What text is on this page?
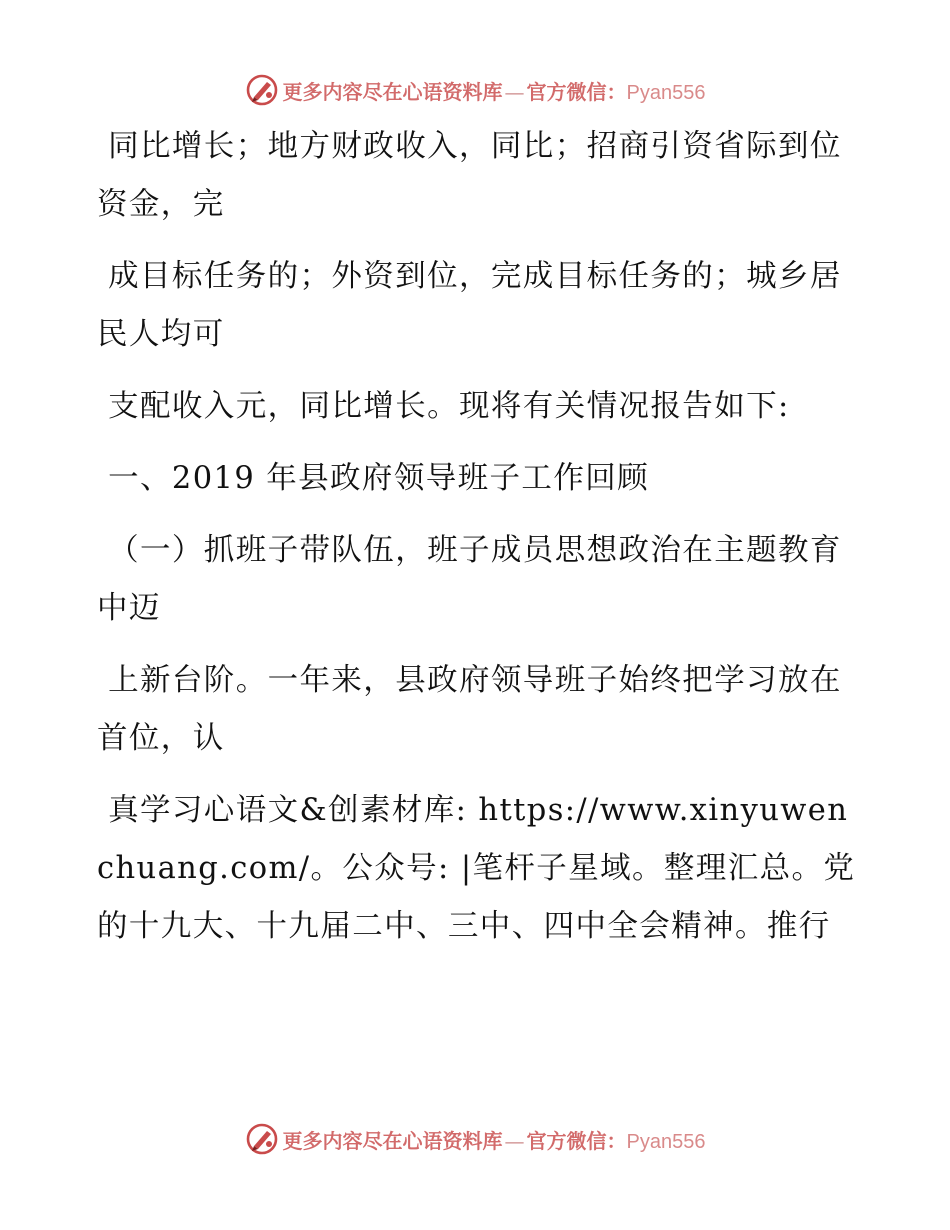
更多内容尽在心语资料库 — 官方微信：Pyan556

同比增长；地方财政收入，同比；招商引资省际到位资金，完

成目标任务的；外资到位，完成目标任务的；城乡居民人均可

支配收入元，同比增长。现将有关情况报告如下:

一、2019 年县政府领导班子工作回顾

（一）抓班子带队伍，班子成员思想政治在主题教育中迈

上新台阶。一年来，县政府领导班子始终把学习放在首位，认

真学习心语文&创素材库: https://www.xinyuwenchuang.com/。公众号: |笔杆子星域。整理汇总。党的十九大、十九届二中、三中、四中全会精神。推行

更多内容尽在心语资料库 — 官方微信：Pyan556
